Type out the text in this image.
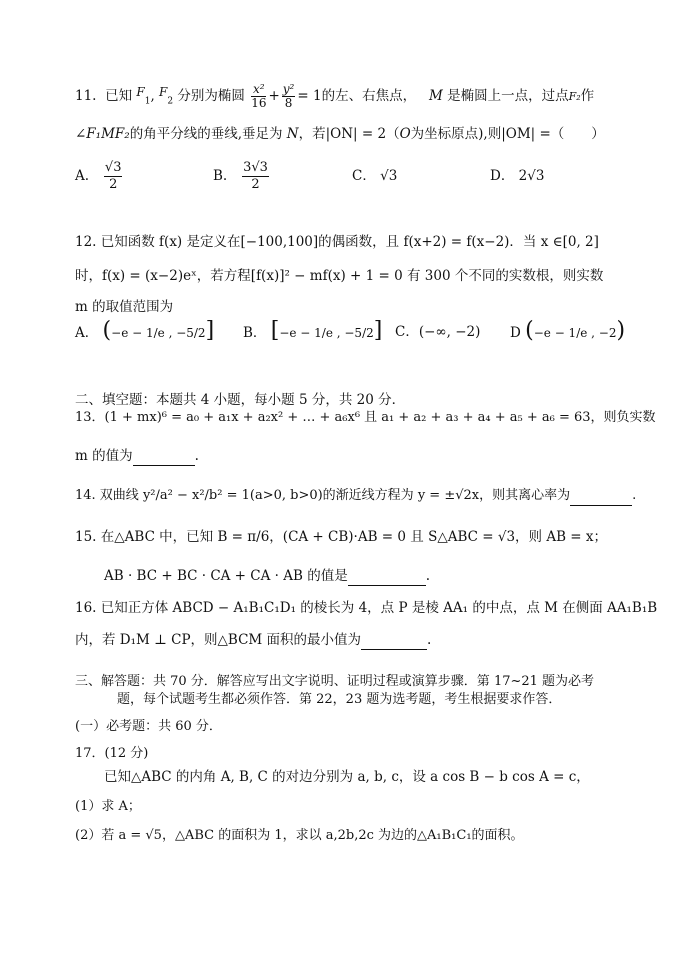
11. 已知 $F_1$, $F_2$ 分别为椭圆 $\frac{\text{x²}}{16} + \frac{\text{y²}}{8} = 1$的左、右焦点， M 是椭圆上一点，过点F₂作
∠F₁MF₂的角平分线的垂线,垂足为 N，若|ON| = 2（O为坐标原点),则|OM| =（　　）
A. $\frac{√3}{2}$	B. $\frac{3√3}{2}$	C． √3	D． 2√3
12. 已知函数 f(x) 是定义在[−100,100]的偶函数，且 f(x+2) = f(x−2)．当 x ∈[0, 2]
时，f(x) = (x−2)eˣ，若方程[f(x)]² − mf(x) + 1 = 0 有 300 个不同的实数根，则实数
m 的取值范围为
A． (−e − 1/e , −5/2] B． [−e − 1/e , −5/2] C．(−∞, −2) D (−e − 1/e , −2)
二、填空题：本题共 4 小题，每小题 5 分，共 20 分．
13．(1 + mx)⁶ = a₀ + a₁x + a₂x² + … + a₆x⁶ 且 a₁ + a₂ + a₃ + a₄ + a₅ + a₆ = 63，则负实数
m 的值为	.
14. 双曲线 y²/a² − x²/b² = 1(a>0, b>0)的渐近线方程为 y = ±√2x，则其离心率为	.
15. 在△ABC 中，已知 B = π/6，(CA + CB)·AB = 0 且 S△ABC = √3，则 AB = x；
AB · BC + BC · CA + CA · AB 的值是	.
16. 已知正方体 ABCD − A₁B₁C₁D₁ 的棱长为 4，点 P 是棱 AA₁ 的中点，点 M 在侧面 AA₁B₁B
内，若 D₁M ⊥ CP，则△BCM 面积的最小值为	.
三、解答题：共 70 分．解答应写出文字说明、证明过程或演算步骤．第 17~21 题为必考
题，每个试题考生都必须作答．第 22，23 题为选考题，考生根据要求作答．
(一）必考题：共 60 分．
17．(12 分)
已知△ABC 的内角 A, B, C 的对边分别为 a, b, c，设 a cos B − b cos A = c，
(1）求 A；
(2）若 a = √5，△ABC 的面积为 1，求以 a,2b,2c 为边的△A₁B₁C₁的面积。
